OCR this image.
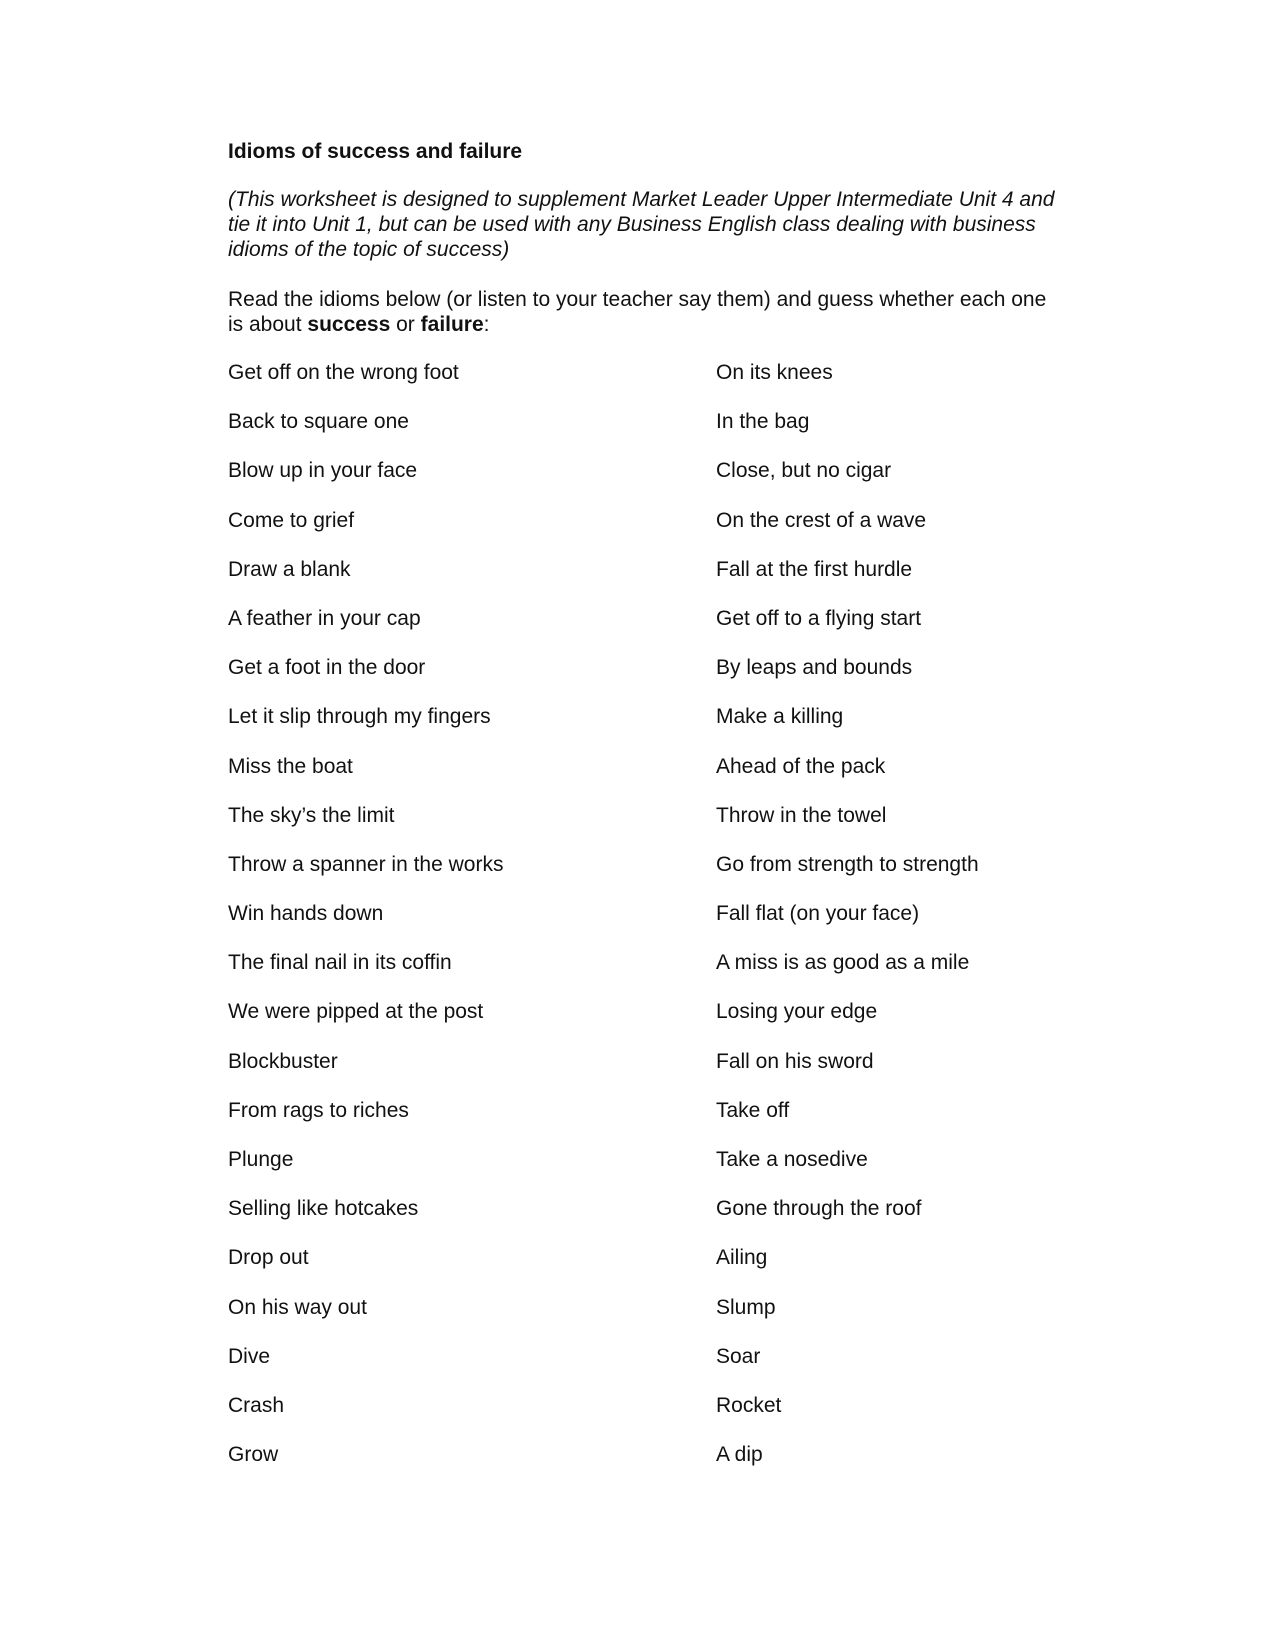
Idioms of success and failure
(This worksheet is designed to supplement Market Leader Upper Intermediate Unit 4 and tie it into Unit 1, but can be used with any Business English class dealing with business idioms of the topic of success)
Read the idioms below (or listen to your teacher say them) and guess whether each one is about success or failure:
Get off on the wrong foot
Back to square one
Blow up in your face
Come to grief
Draw a blank
A feather in your cap
Get a foot in the door
Let it slip through my fingers
Miss the boat
The sky’s the limit
Throw a spanner in the works
Win hands down
The final nail in its coffin
We were pipped at the post
Blockbuster
From rags to riches
Plunge
Selling like hotcakes
Drop out
On his way out
Dive
Crash
Grow
On its knees
In the bag
Close, but no cigar
On the crest of a wave
Fall at the first hurdle
Get off to a flying start
By leaps and bounds
Make a killing
Ahead of the pack
Throw in the towel
Go from strength to strength
Fall flat (on your face)
A miss is as good as a mile
Losing your edge
Fall on his sword
Take off
Take a nosedive
Gone through the roof
Ailing
Slump
Soar
Rocket
A dip
